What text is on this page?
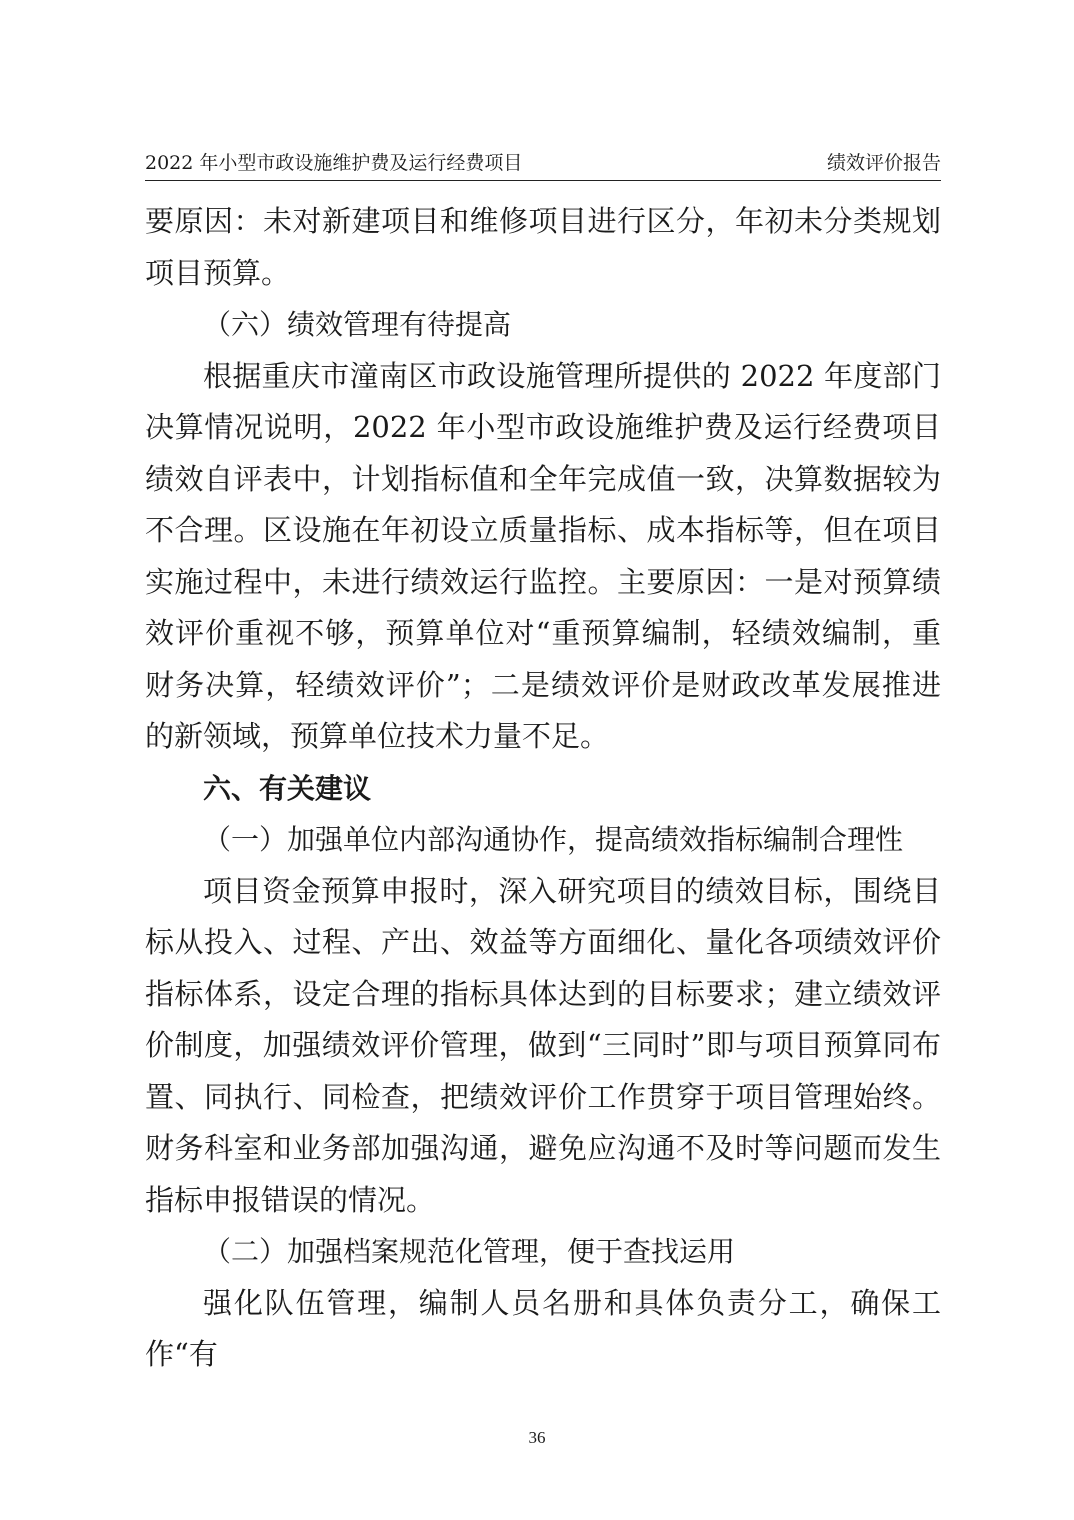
2022 年小型市政设施维护费及运行经费项目	绩效评价报告

要原因：未对新建项目和维修项目进行区分，年初未分类规划项目预算。

（六）绩效管理有待提高

根据重庆市潼南区市政设施管理所提供的 2022 年度部门决算情况说明，2022 年小型市政设施维护费及运行经费项目绩效自评表中，计划指标值和全年完成值一致，决算数据较为不合理。区设施在年初设立质量指标、成本指标等，但在项目实施过程中，未进行绩效运行监控。主要原因：一是对预算绩效评价重视不够，预算单位对“重预算编制，轻绩效编制，重财务决算，轻绩效评价”；二是绩效评价是财政改革发展推进的新领域，预算单位技术力量不足。

六、有关建议

（一）加强单位内部沟通协作，提高绩效指标编制合理性

项目资金预算申报时，深入研究项目的绩效目标，围绕目标从投入、过程、产出、效益等方面细化、量化各项绩效评价指标体系，设定合理的指标具体达到的目标要求；建立绩效评价制度，加强绩效评价管理，做到“三同时”即与项目预算同布置、同执行、同检查，把绩效评价工作贯穿于项目管理始终。财务科室和业务部加强沟通，避免应沟通不及时等问题而发生指标申报错误的情况。

（二）加强档案规范化管理，便于查找运用

强化队伍管理，编制人员名册和具体负责分工，确保工作“有

36
